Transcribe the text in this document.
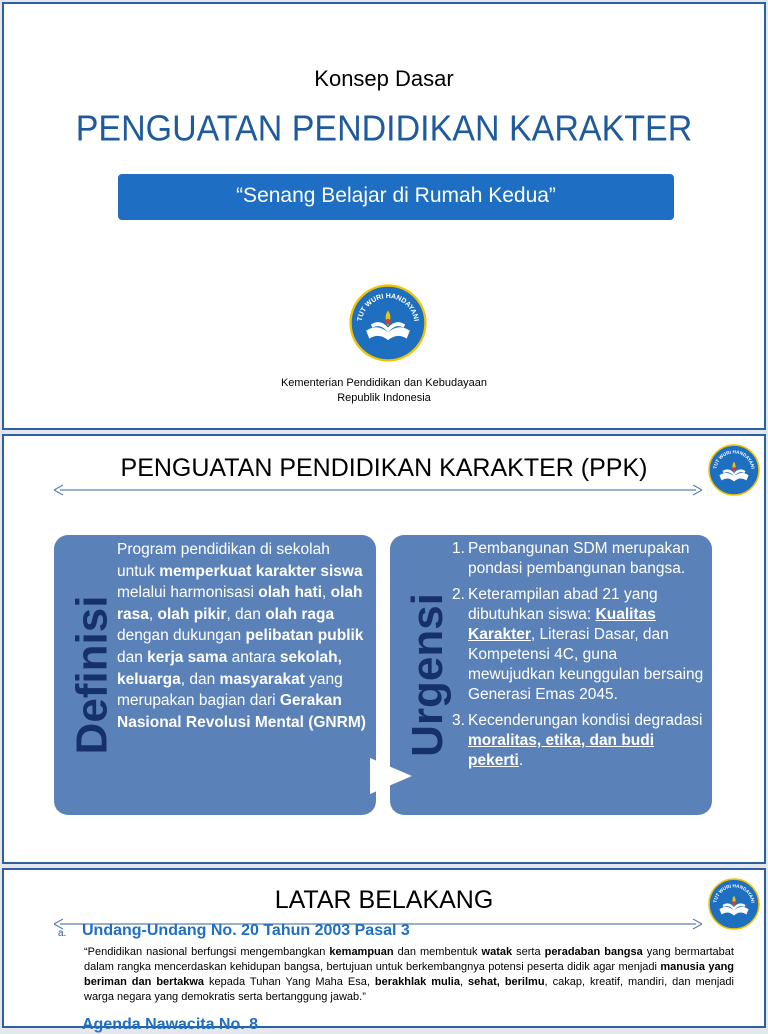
Konsep Dasar
PENGUATAN PENDIDIKAN KARAKTER
“Senang Belajar di Rumah Kedua”
Kementerian Pendidikan dan Kebudayaan
Republik Indonesia
PENGUATAN PENDIDIKAN KARAKTER (PPK)
Definisi
Program pendidikan di sekolah untuk memperkuat karakter siswa melalui harmonisasi olah hati, olah rasa, olah pikir, dan olah raga dengan dukungan pelibatan publik dan kerja sama antara sekolah, keluarga, dan masyarakat yang merupakan bagian dari Gerakan Nasional Revolusi Mental (GNRM) Urgensi
1. Pembangunan SDM merupakan pondasi pembangunan bangsa.
2. Keterampilan abad 21 yang dibutuhkan siswa: Kualitas Karakter, Literasi Dasar, dan Kompetensi 4C, guna mewujudkan keunggulan bersaing Generasi Emas 2045.
3. Kecenderungan kondisi degradasi moralitas, etika, dan budi pekerti.
LATAR BELAKANG
a. Undang-Undang No. 20 Tahun 2003 Pasal 3
“Pendidikan nasional berfungsi mengembangkan kemampuan dan membentuk watak serta peradaban bangsa yang bermartabat dalam rangka mencerdaskan kehidupan bangsa, bertujuan untuk berkembangnya potensi peserta didik agar menjadi manusia yang beriman dan bertakwa kepada Tuhan Yang Maha Esa, berakhlak mulia, sehat, berilmu, cakap, kreatif, mandiri, dan menjadi warga negara yang demokratis serta bertanggung jawab.”
Agenda Nawacita No. 8
